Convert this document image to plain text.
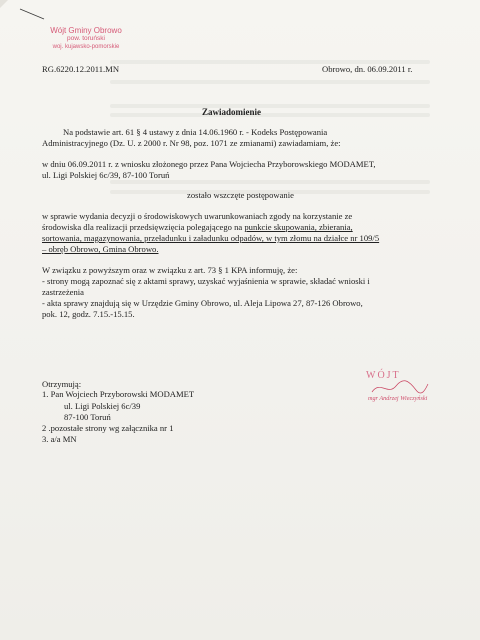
Wójt Gminy Obrowo
pow. toruński
woj. kujawsko-pomorskie
RG.6220.12.2011.MN	Obrowo, dn. 06.09.2011 r.
Zawiadomienie
Na podstawie art. 61 § 4 ustawy z dnia 14.06.1960 r. - Kodeks Postępowania
Administracyjnego (Dz. U. z 2000 r. Nr 98, poz. 1071 ze zmianami) zawiadamiam, że:
w dniu 06.09.2011 r. z wniosku złożonego przez Pana Wojciecha Przyborowskiego MODAMET,
ul. Ligi Polskiej 6c/39, 87-100 Toruń
zostało wszczęte postępowanie
w sprawie wydania decyzji o środowiskowych uwarunkowaniach zgody na korzystanie ze
środowiska dla realizacji przedsięwzięcia polegającego na punkcie skupowania, zbierania,
sortowania, magazynowania, przeładunku i załadunku odpadów, w tym złomu na działce nr 109/5
– obręb Obrowo, Gmina Obrowo.
W związku z powyższym oraz w związku z art. 73 § 1 KPA informuję, że:
- strony mogą zapoznać się z aktami sprawy, uzyskać wyjaśnienia w sprawie, składać wnioski i
zastrzeżenia
- akta sprawy znajdują się w Urzędzie Gminy Obrowo, ul. Aleja Lipowa 27, 87-126 Obrowo,
pok. 12, godz. 7.15.-15.15.
WÓJT
mgr Andrzej Wieczyński
Otrzymują:
1. Pan Wojciech Przyborowski MODAMET
ul. Ligi Polskiej 6c/39
87-100 Toruń
2 .pozostałe strony wg załącznika nr 1
3. a/a MN
